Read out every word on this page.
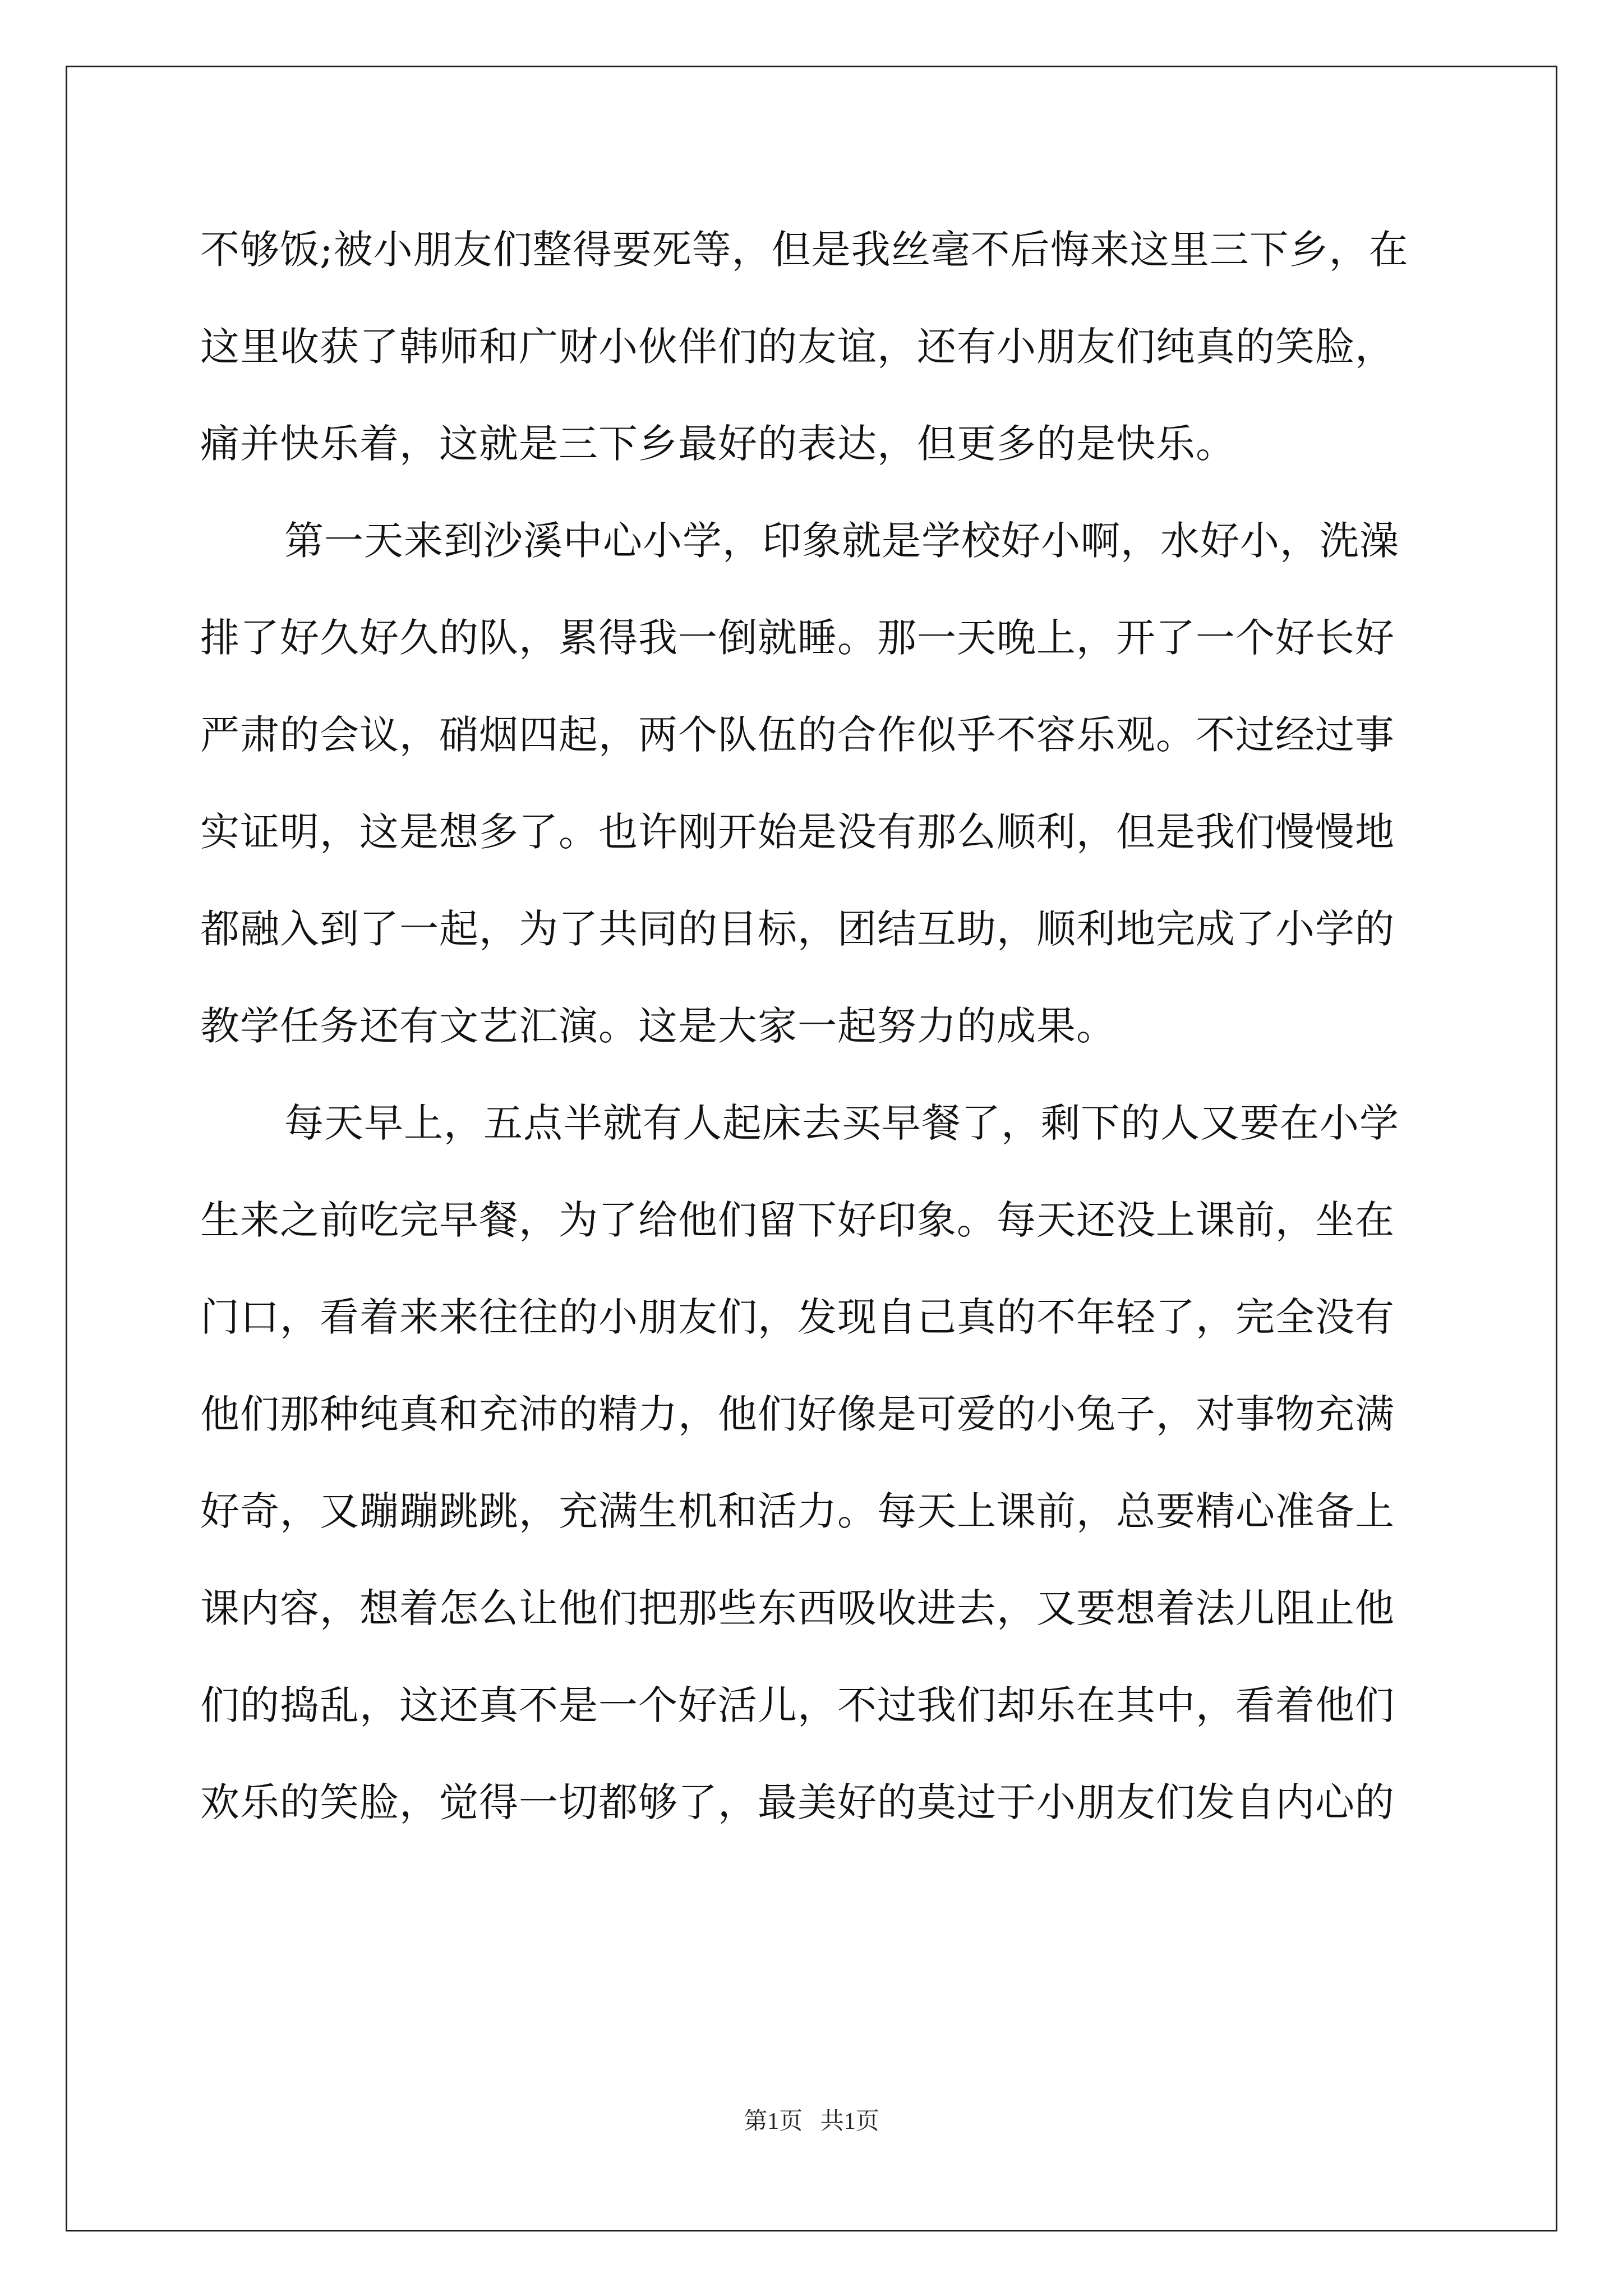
不够饭;被小朋友们整得要死等，但是我丝毫不后悔来这里三下乡，在
这里收获了韩师和广财小伙伴们的友谊，还有小朋友们纯真的笑脸，
痛并快乐着，这就是三下乡最好的表达，但更多的是快乐。
第一天来到沙溪中心小学，印象就是学校好小啊，水好小，洗澡
排了好久好久的队，累得我一倒就睡。那一天晚上，开了一个好长好
严肃的会议，硝烟四起，两个队伍的合作似乎不容乐观。不过经过事
实证明，这是想多了。也许刚开始是没有那么顺利，但是我们慢慢地
都融入到了一起，为了共同的目标，团结互助，顺利地完成了小学的
教学任务还有文艺汇演。这是大家一起努力的成果。
每天早上，五点半就有人起床去买早餐了，剩下的人又要在小学
生来之前吃完早餐，为了给他们留下好印象。每天还没上课前，坐在
门口，看着来来往往的小朋友们，发现自己真的不年轻了，完全没有
他们那种纯真和充沛的精力，他们好像是可爱的小兔子，对事物充满
好奇，又蹦蹦跳跳，充满生机和活力。每天上课前，总要精心准备上
课内容，想着怎么让他们把那些东西吸收进去，又要想着法儿阻止他
们的捣乱，这还真不是一个好活儿，不过我们却乐在其中，看着他们
欢乐的笑脸，觉得一切都够了，最美好的莫过于小朋友们发自内心的
第1页   共1页
